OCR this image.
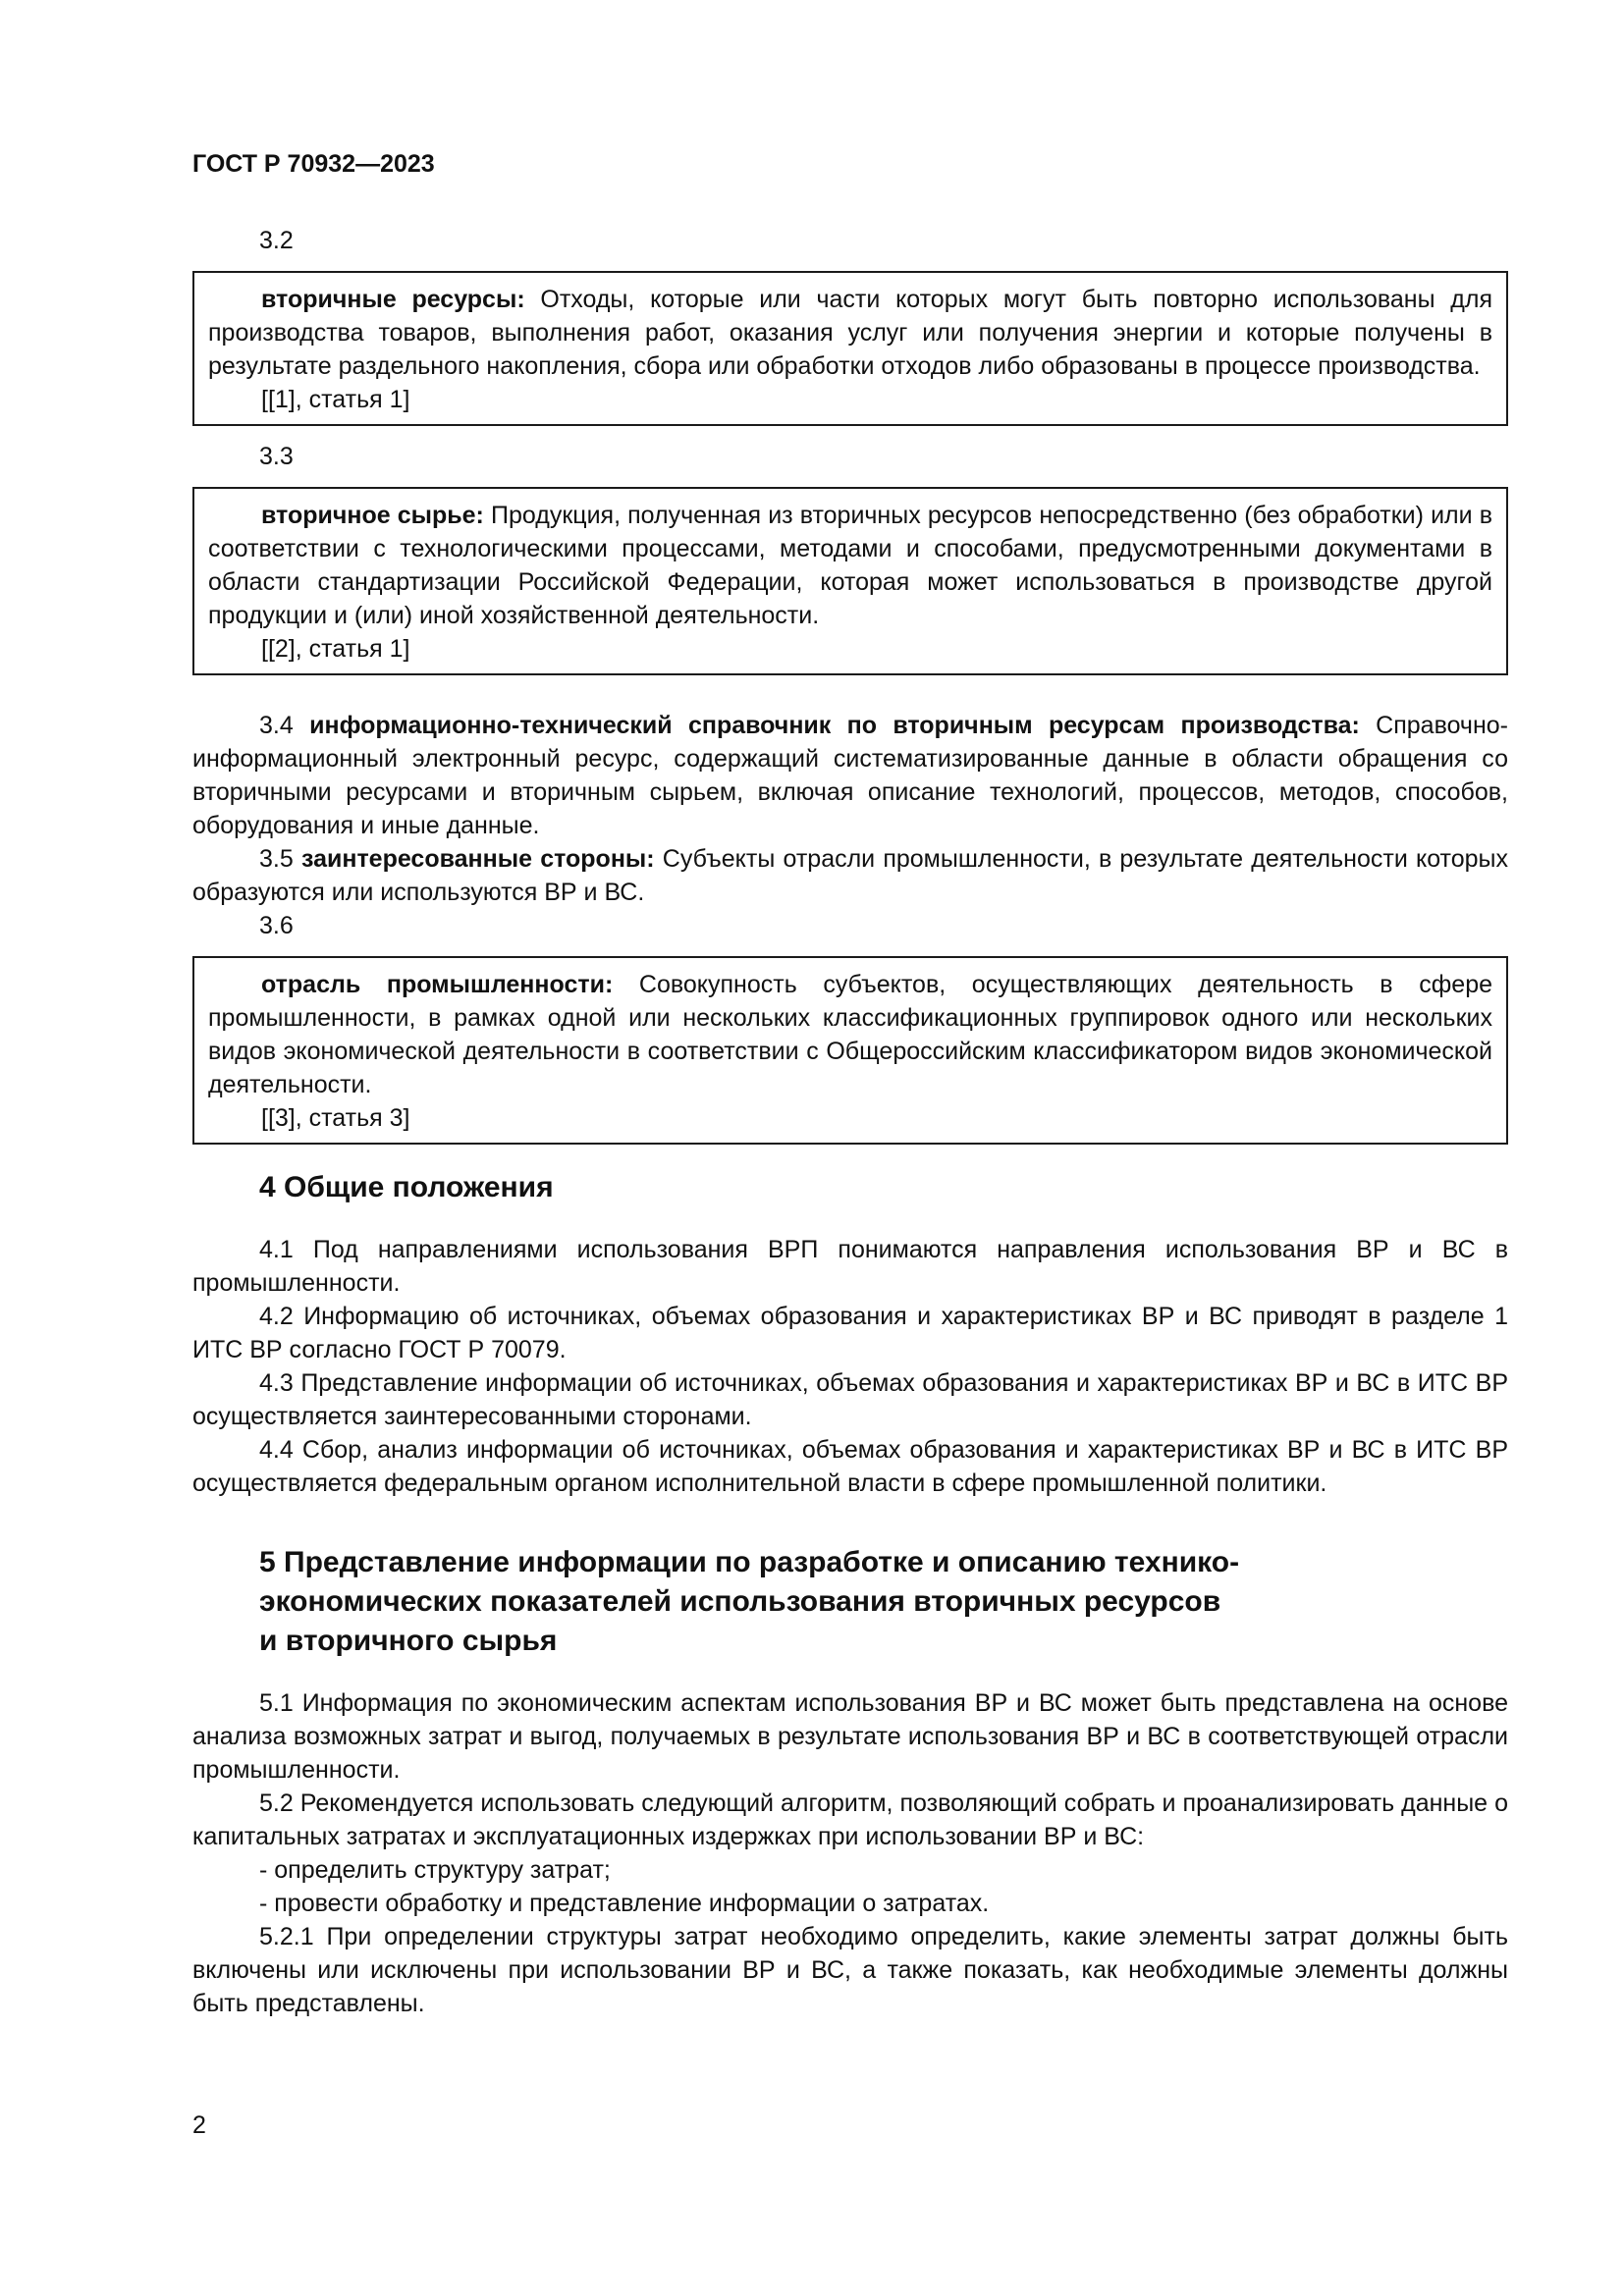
ГОСТ Р 70932—2023
3.2

вторичные ресурсы: Отходы, которые или части которых могут быть повторно использованы для производства товаров, выполнения работ, оказания услуг или получения энергии и которые получены в результате раздельного накопления, сбора или обработки отходов либо образованы в процессе производства.

[[1], статья 1]

3.3

вторичное сырье: Продукция, полученная из вторичных ресурсов непосредственно (без обработки) или в соответствии с технологическими процессами, методами и способами, предусмотренными документами в области стандартизации Российской Федерации, которая может использоваться в производстве другой продукции и (или) иной хозяйственной деятельности.

[[2], статья 1]

3.4 информационно-технический справочник по вторичным ресурсам производства: Справочно-информационный электронный ресурс, содержащий систематизированные данные в области обращения со вторичными ресурсами и вторичным сырьем, включая описание технологий, процессов, методов, способов, оборудования и иные данные.

3.5 заинтересованные стороны: Субъекты отрасли промышленности, в результате деятельности которых образуются или используются ВР и ВС.

3.6

отрасль промышленности: Совокупность субъектов, осуществляющих деятельность в сфере промышленности, в рамках одной или нескольких классификационных группировок одного или нескольких видов экономической деятельности в соответствии с Общероссийским классификатором видов экономической деятельности.

[[3], статья 3]

4 Общие положения

4.1 Под направлениями использования ВРП понимаются направления использования ВР и ВС в промышленности.

4.2 Информацию об источниках, объемах образования и характеристиках ВР и ВС приводят в разделе 1 ИТС ВР согласно ГОСТ Р 70079.

4.3 Представление информации об источниках, объемах образования и характеристиках ВР и ВС в ИТС ВР осуществляется заинтересованными сторонами.

4.4 Сбор, анализ информации об источниках, объемах образования и характеристиках ВР и ВС в ИТС ВР осуществляется федеральным органом исполнительной власти в сфере промышленной политики.

5 Представление информации по разработке и описанию технико-
экономических показателей использования вторичных ресурсов
и вторичного сырья

5.1 Информация по экономическим аспектам использования ВР и ВС может быть представлена на основе анализа возможных затрат и выгод, получаемых в результате использования ВР и ВС в соответствующей отрасли промышленности.

5.2 Рекомендуется использовать следующий алгоритм, позволяющий собрать и проанализировать данные о капитальных затратах и эксплуатационных издержках при использовании ВР и ВС:

- определить структуру затрат;
- провести обработку и представление информации о затратах.

5.2.1 При определении структуры затрат необходимо определить, какие элементы затрат должны быть включены или исключены при использовании ВР и ВС, а также показать, как необходимые элементы должны быть представлены.

2
